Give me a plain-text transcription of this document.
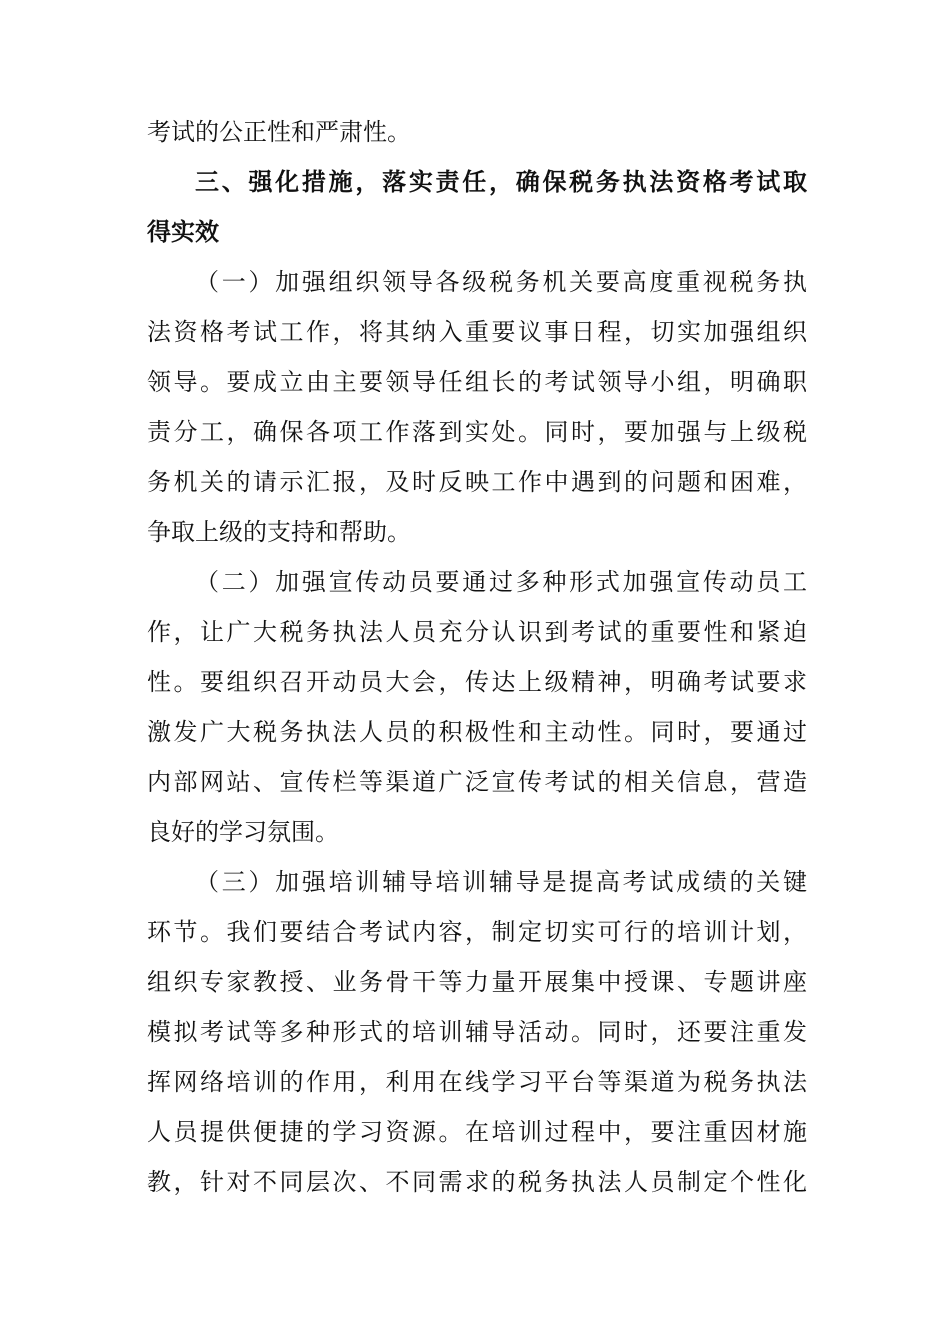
考试的公正性和严肃性。
三、强化措施，落实责任，确保税务执法资格考试取
得实效
（一）加强组织领导各级税务机关要高度重视税务执
法资格考试工作，将其纳入重要议事日程，切实加强组织
领导。要成立由主要领导任组长的考试领导小组，明确职
责分工，确保各项工作落到实处。同时，要加强与上级税
务机关的请示汇报，及时反映工作中遇到的问题和困难，
争取上级的支持和帮助。
（二）加强宣传动员要通过多种形式加强宣传动员工
作，让广大税务执法人员充分认识到考试的重要性和紧迫
性。要组织召开动员大会，传达上级精神，明确考试要求
激发广大税务执法人员的积极性和主动性。同时，要通过
内部网站、宣传栏等渠道广泛宣传考试的相关信息，营造
良好的学习氛围。
（三）加强培训辅导培训辅导是提高考试成绩的关键
环节。我们要结合考试内容，制定切实可行的培训计划，
组织专家教授、业务骨干等力量开展集中授课、专题讲座
模拟考试等多种形式的培训辅导活动。同时，还要注重发
挥网络培训的作用，利用在线学习平台等渠道为税务执法
人员提供便捷的学习资源。在培训过程中，要注重因材施
教，针对不同层次、不同需求的税务执法人员制定个性化
